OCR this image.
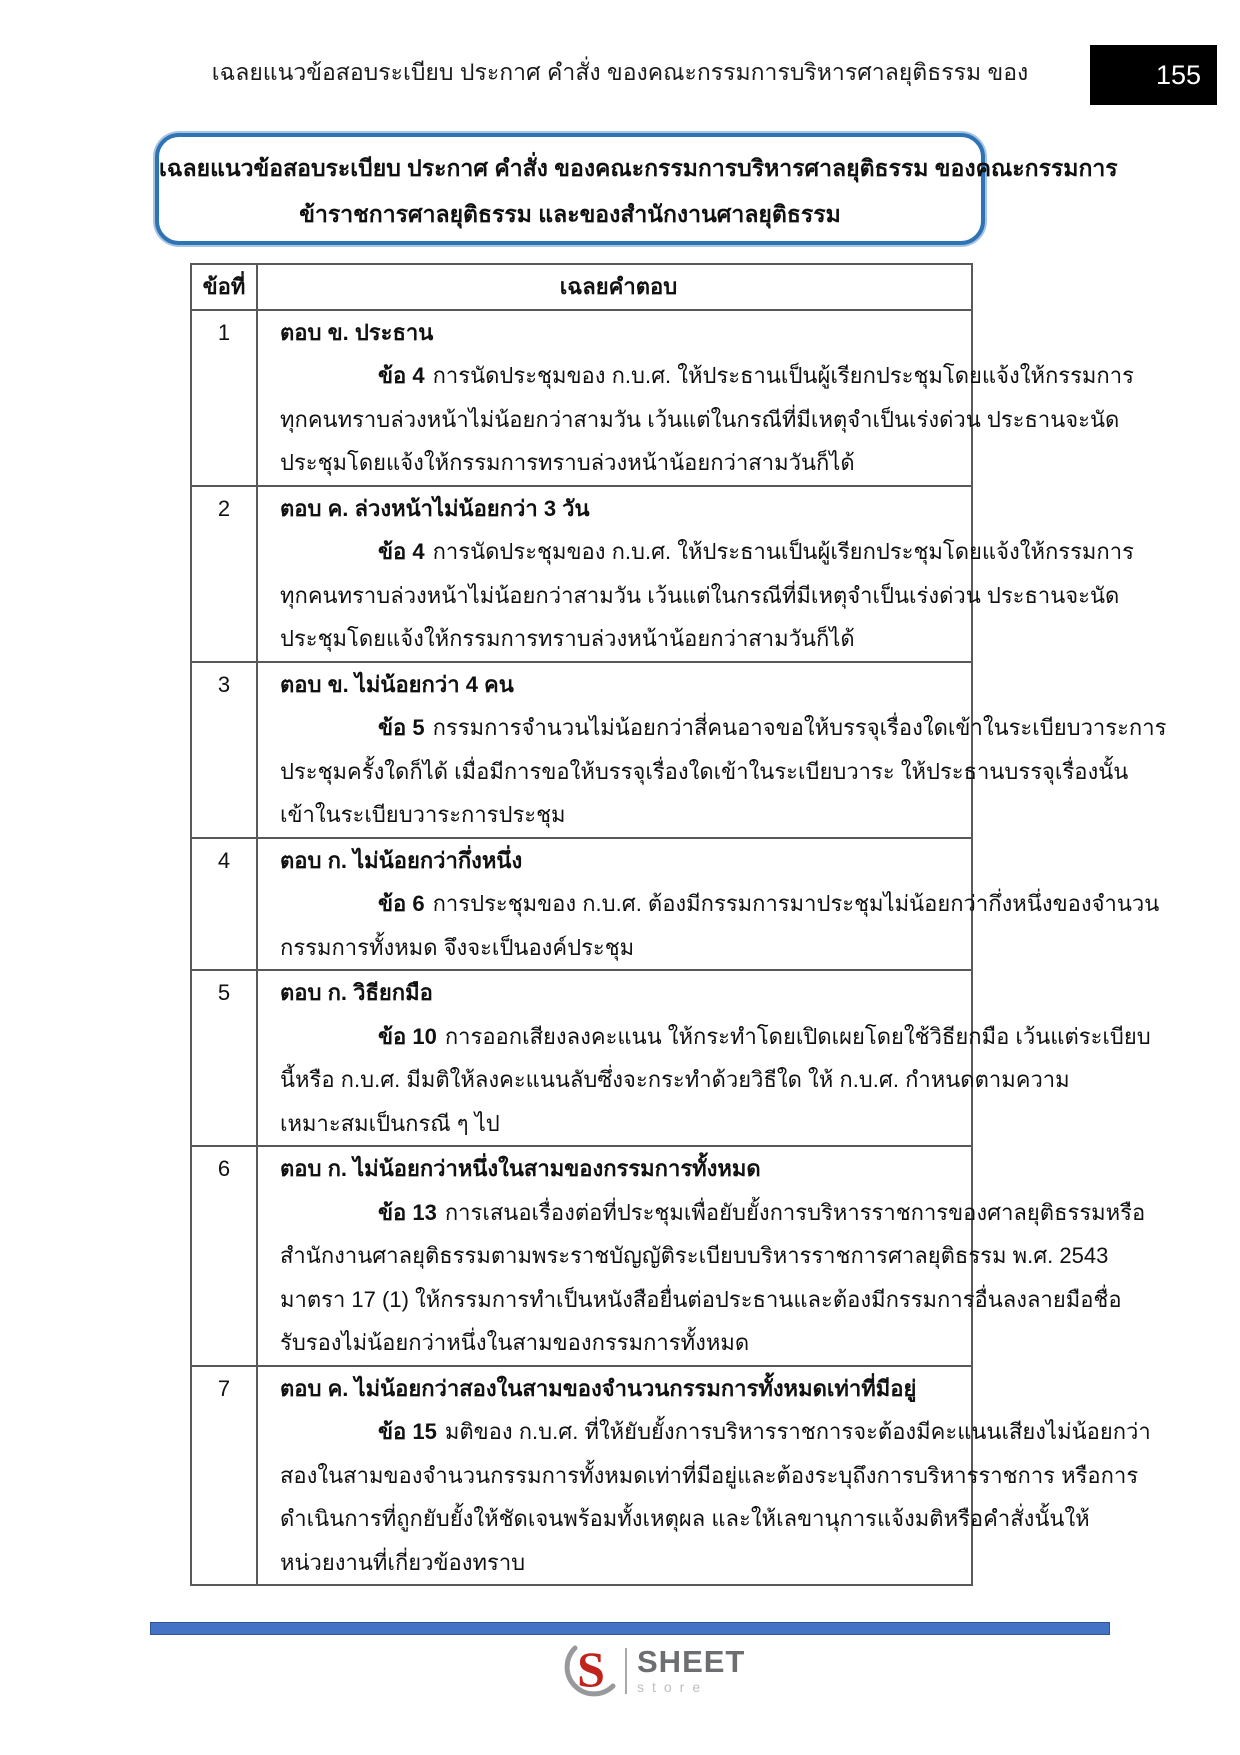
เฉลยแนวข้อสอบระเบียบ ประกาศ คำสั่ง ของคณะกรรมการบริหารศาลยุติธรรม ของ	155
เฉลยแนวข้อสอบระเบียบ ประกาศ คำสั่ง ของคณะกรรมการบริหารศาลยุติธรรม ของคณะกรรมการ
ข้าราชการศาลยุติธรรม และของสำนักงานศาลยุติธรรม
ข้อที่	เฉลยคำตอบ
1	ตอบ ข. ประธาน
ข้อ 4 การนัดประชุมของ ก.บ.ศ. ให้ประธานเป็นผู้เรียกประชุมโดยแจ้งให้กรรมการ
ทุกคนทราบล่วงหน้าไม่น้อยกว่าสามวัน เว้นแต่ในกรณีที่มีเหตุจำเป็นเร่งด่วน ประธานจะนัด
ประชุมโดยแจ้งให้กรรมการทราบล่วงหน้าน้อยกว่าสามวันก็ได้
2	ตอบ ค. ล่วงหน้าไม่น้อยกว่า 3 วัน
ข้อ 4 การนัดประชุมของ ก.บ.ศ. ให้ประธานเป็นผู้เรียกประชุมโดยแจ้งให้กรรมการ
ทุกคนทราบล่วงหน้าไม่น้อยกว่าสามวัน เว้นแต่ในกรณีที่มีเหตุจำเป็นเร่งด่วน ประธานจะนัด
ประชุมโดยแจ้งให้กรรมการทราบล่วงหน้าน้อยกว่าสามวันก็ได้
3	ตอบ ข. ไม่น้อยกว่า 4 คน
ข้อ 5 กรรมการจำนวนไม่น้อยกว่าสี่คนอาจขอให้บรรจุเรื่องใดเข้าในระเบียบวาระการ
ประชุมครั้งใดก็ได้ เมื่อมีการขอให้บรรจุเรื่องใดเข้าในระเบียบวาระ ให้ประธานบรรจุเรื่องนั้น
เข้าในระเบียบวาระการประชุม
4	ตอบ ก. ไม่น้อยกว่ากึ่งหนึ่ง
ข้อ 6 การประชุมของ ก.บ.ศ. ต้องมีกรรมการมาประชุมไม่น้อยกว่ากึ่งหนึ่งของจำนวน
กรรมการทั้งหมด จึงจะเป็นองค์ประชุม
5	ตอบ ก. วิธียกมือ
ข้อ 10 การออกเสียงลงคะแนน ให้กระทำโดยเปิดเผยโดยใช้วิธียกมือ เว้นแต่ระเบียบ
นี้หรือ ก.บ.ศ. มีมติให้ลงคะแนนลับซึ่งจะกระทำด้วยวิธีใด ให้ ก.บ.ศ. กำหนดตามความ
เหมาะสมเป็นกรณี ๆ ไป
6	ตอบ ก. ไม่น้อยกว่าหนึ่งในสามของกรรมการทั้งหมด
ข้อ 13 การเสนอเรื่องต่อที่ประชุมเพื่อยับยั้งการบริหารราชการของศาลยุติธรรมหรือ
สำนักงานศาลยุติธรรมตามพระราชบัญญัติระเบียบบริหารราชการศาลยุติธรรม พ.ศ. 2543
มาตรา 17 (1) ให้กรรมการทำเป็นหนังสือยื่นต่อประธานและต้องมีกรรมการอื่นลงลายมือชื่อ
รับรองไม่น้อยกว่าหนึ่งในสามของกรรมการทั้งหมด
7	ตอบ ค. ไม่น้อยกว่าสองในสามของจำนวนกรรมการทั้งหมดเท่าที่มีอยู่
ข้อ 15 มติของ ก.บ.ศ. ที่ให้ยับยั้งการบริหารราชการจะต้องมีคะแนนเสียงไม่น้อยกว่า
สองในสามของจำนวนกรรมการทั้งหมดเท่าที่มีอยู่และต้องระบุถึงการบริหารราชการ หรือการ
ดำเนินการที่ถูกยับยั้งให้ชัดเจนพร้อมทั้งเหตุผล และให้เลขานุการแจ้งมติหรือคำสั่งนั้นให้
หน่วยงานที่เกี่ยวข้องทราบ
S SHEET
store
